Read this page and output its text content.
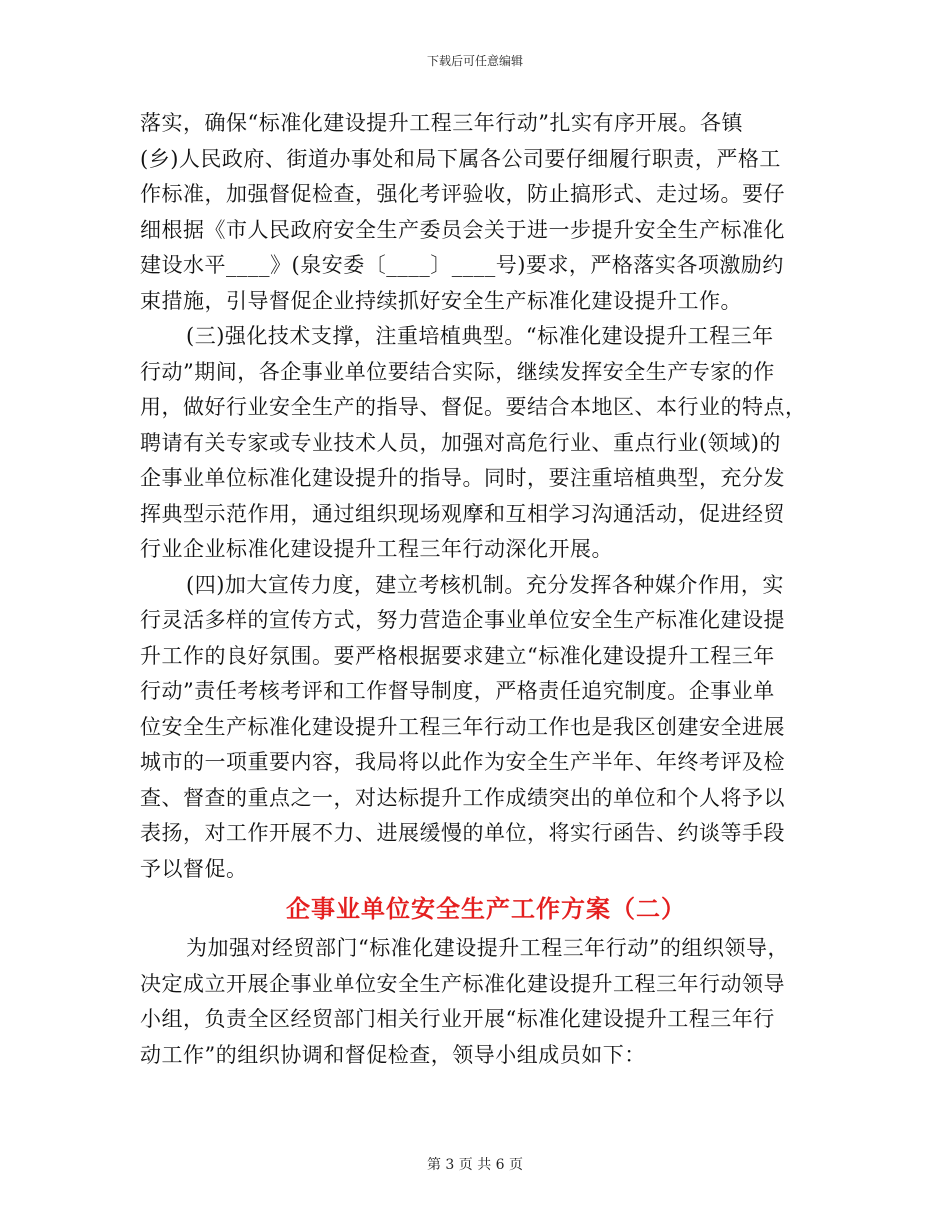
下载后可任意编辑
落实，确保“标准化建设提升工程三年行动”扎实有序开展。各镇
(乡)人民政府、街道办事处和局下属各公司要仔细履行职责，严格工
作标准，加强督促检查，强化考评验收，防止搞形式、走过场。要仔
细根据《市人民政府安全生产委员会关于进一步提升安全生产标准化
建设水平____》(泉安委〔____〕____号)要求，严格落实各项激励约
束措施，引导督促企业持续抓好安全生产标准化建设提升工作。
(三)强化技术支撑，注重培植典型。“标准化建设提升工程三年
行动”期间，各企事业单位要结合实际，继续发挥安全生产专家的作
用，做好行业安全生产的指导、督促。要结合本地区、本行业的特点，
聘请有关专家或专业技术人员，加强对高危行业、重点行业(领域)的
企事业单位标准化建设提升的指导。同时，要注重培植典型，充分发
挥典型示范作用，通过组织现场观摩和互相学习沟通活动，促进经贸
行业企业标准化建设提升工程三年行动深化开展。
(四)加大宣传力度，建立考核机制。充分发挥各种媒介作用，实
行灵活多样的宣传方式，努力营造企事业单位安全生产标准化建设提
升工作的良好氛围。要严格根据要求建立“标准化建设提升工程三年
行动”责任考核考评和工作督导制度，严格责任追究制度。企事业单
位安全生产标准化建设提升工程三年行动工作也是我区创建安全进展
城市的一项重要内容，我局将以此作为安全生产半年、年终考评及检
查、督查的重点之一，对达标提升工作成绩突出的单位和个人将予以
表扬，对工作开展不力、进展缓慢的单位，将实行函告、约谈等手段
予以督促。
企事业单位安全生产工作方案（二）
为加强对经贸部门“标准化建设提升工程三年行动”的组织领导，
决定成立开展企事业单位安全生产标准化建设提升工程三年行动领导
小组，负责全区经贸部门相关行业开展“标准化建设提升工程三年行
动工作”的组织协调和督促检查，领导小组成员如下：
第 3 页 共 6 页
